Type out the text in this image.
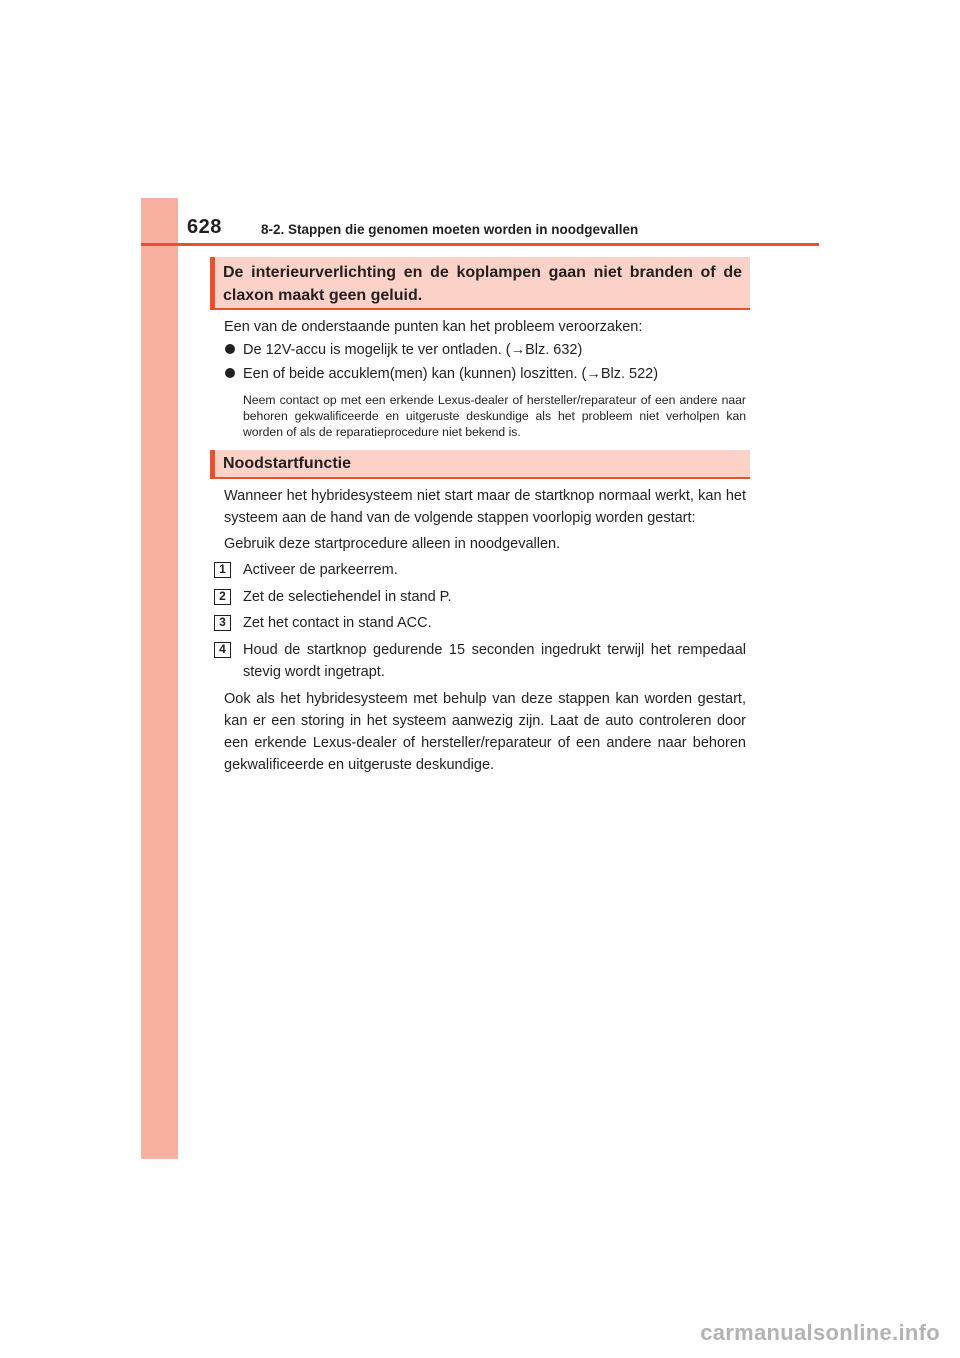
628	8-2. Stappen die genomen moeten worden in noodgevallen
De interieurverlichting en de koplampen gaan niet branden of de claxon maakt geen geluid.
Een van de onderstaande punten kan het probleem veroorzaken:
De 12V-accu is mogelijk te ver ontladen. (→Blz. 632)
Een of beide accuklem(men) kan (kunnen) loszitten. (→Blz. 522)
Neem contact op met een erkende Lexus-dealer of hersteller/reparateur of een andere naar behoren gekwalificeerde en uitgeruste deskundige als het probleem niet verholpen kan worden of als de reparatieprocedure niet bekend is.
Noodstartfunctie
Wanneer het hybridesysteem niet start maar de startknop normaal werkt, kan het systeem aan de hand van de volgende stappen voorlopig worden gestart:
Gebruik deze startprocedure alleen in noodgevallen.
1	Activeer de parkeerrem.
2	Zet de selectiehendel in stand P.
3	Zet het contact in stand ACC.
4	Houd de startknop gedurende 15 seconden ingedrukt terwijl het rempedaal stevig wordt ingetrapt.
Ook als het hybridesysteem met behulp van deze stappen kan worden gestart, kan er een storing in het systeem aanwezig zijn. Laat de auto controleren door een erkende Lexus-dealer of hersteller/reparateur of een andere naar behoren gekwalificeerde en uitgeruste deskundige.
carmanualsonline.info
